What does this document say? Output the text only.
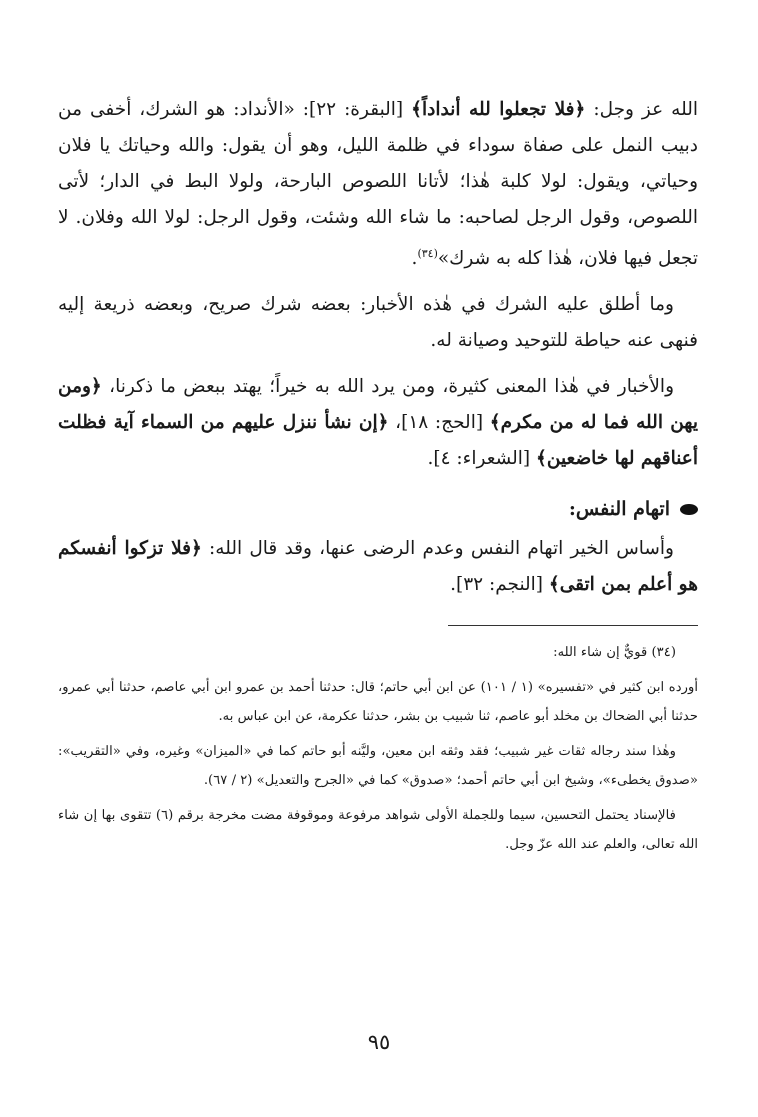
الله عز وجل: ﴿فلا تجعلوا لله أنداداً﴾ [البقرة: ٢٢]: «الأنداد: هو الشرك، أخفى من دبيب النمل على صفاة سوداء في ظلمة الليل، وهو أن يقول: والله وحياتك يا فلان وحياتي، ويقول: لولا كلبة هٰذا؛ لأتانا اللصوص البارحة، ولولا البط في الدار؛ لأتى اللصوص، وقول الرجل لصاحبه: ما شاء الله وشئت، وقول الرجل: لولا الله وفلان. لا تجعل فيها فلان، هٰذا كله به شرك»$^{(٣٤)}$.

وما أطلق عليه الشرك في هٰذه الأخبار: بعضه شرك صريح، وبعضه ذريعة إليه فنهى عنه حياطة للتوحيد وصيانة له.

والأخبار في هٰذا المعنى كثيرة، ومن يرد الله به خيراً؛ يهتد ببعض ما ذكرنا، ﴿ومن يهن الله فما له من مكرم﴾ [الحج: ١٨]، ﴿إن نشأ ننزل عليهم من السماء آية فظلت أعناقهم لها خاضعين﴾ [الشعراء: ٤].

اتهام النفس:

وأساس الخير اتهام النفس وعدم الرضى عنها، وقد قال الله: ﴿فلا تزكوا أنفسكم هو أعلم بمن اتقى﴾ [النجم: ٣٢].

(٣٤) قويٌّ إن شاء الله:

أورده ابن كثير في «تفسيره» (١ / ١٠١) عن ابن أبي حاتم؛ قال: حدثنا أحمد بن عمرو ابن أبي عاصم، حدثنا أبي عمرو، حدثنا أبي الضحاك بن مخلد أبو عاصم، ثنا شبيب بن بشر، حدثنا عكرمة، عن ابن عباس به.

وهٰذا سند رجاله ثقات غير شبيب؛ فقد وثقه ابن معين، وليَّنه أبو حاتم كما في «الميزان» وغيره، وفي «التقريب»: «صدوق يخطىء»، وشيخ ابن أبي حاتم أحمد؛ «صدوق» كما في «الجرح والتعديل» (٢ / ٦٧).

فالإسناد يحتمل التحسين، سيما وللجملة الأولى شواهد مرفوعة وموقوفة مضت مخرجة برقم (٦) تتقوى بها إن شاء الله تعالى، والعلم عند الله عزّ وجل.

٩٥
